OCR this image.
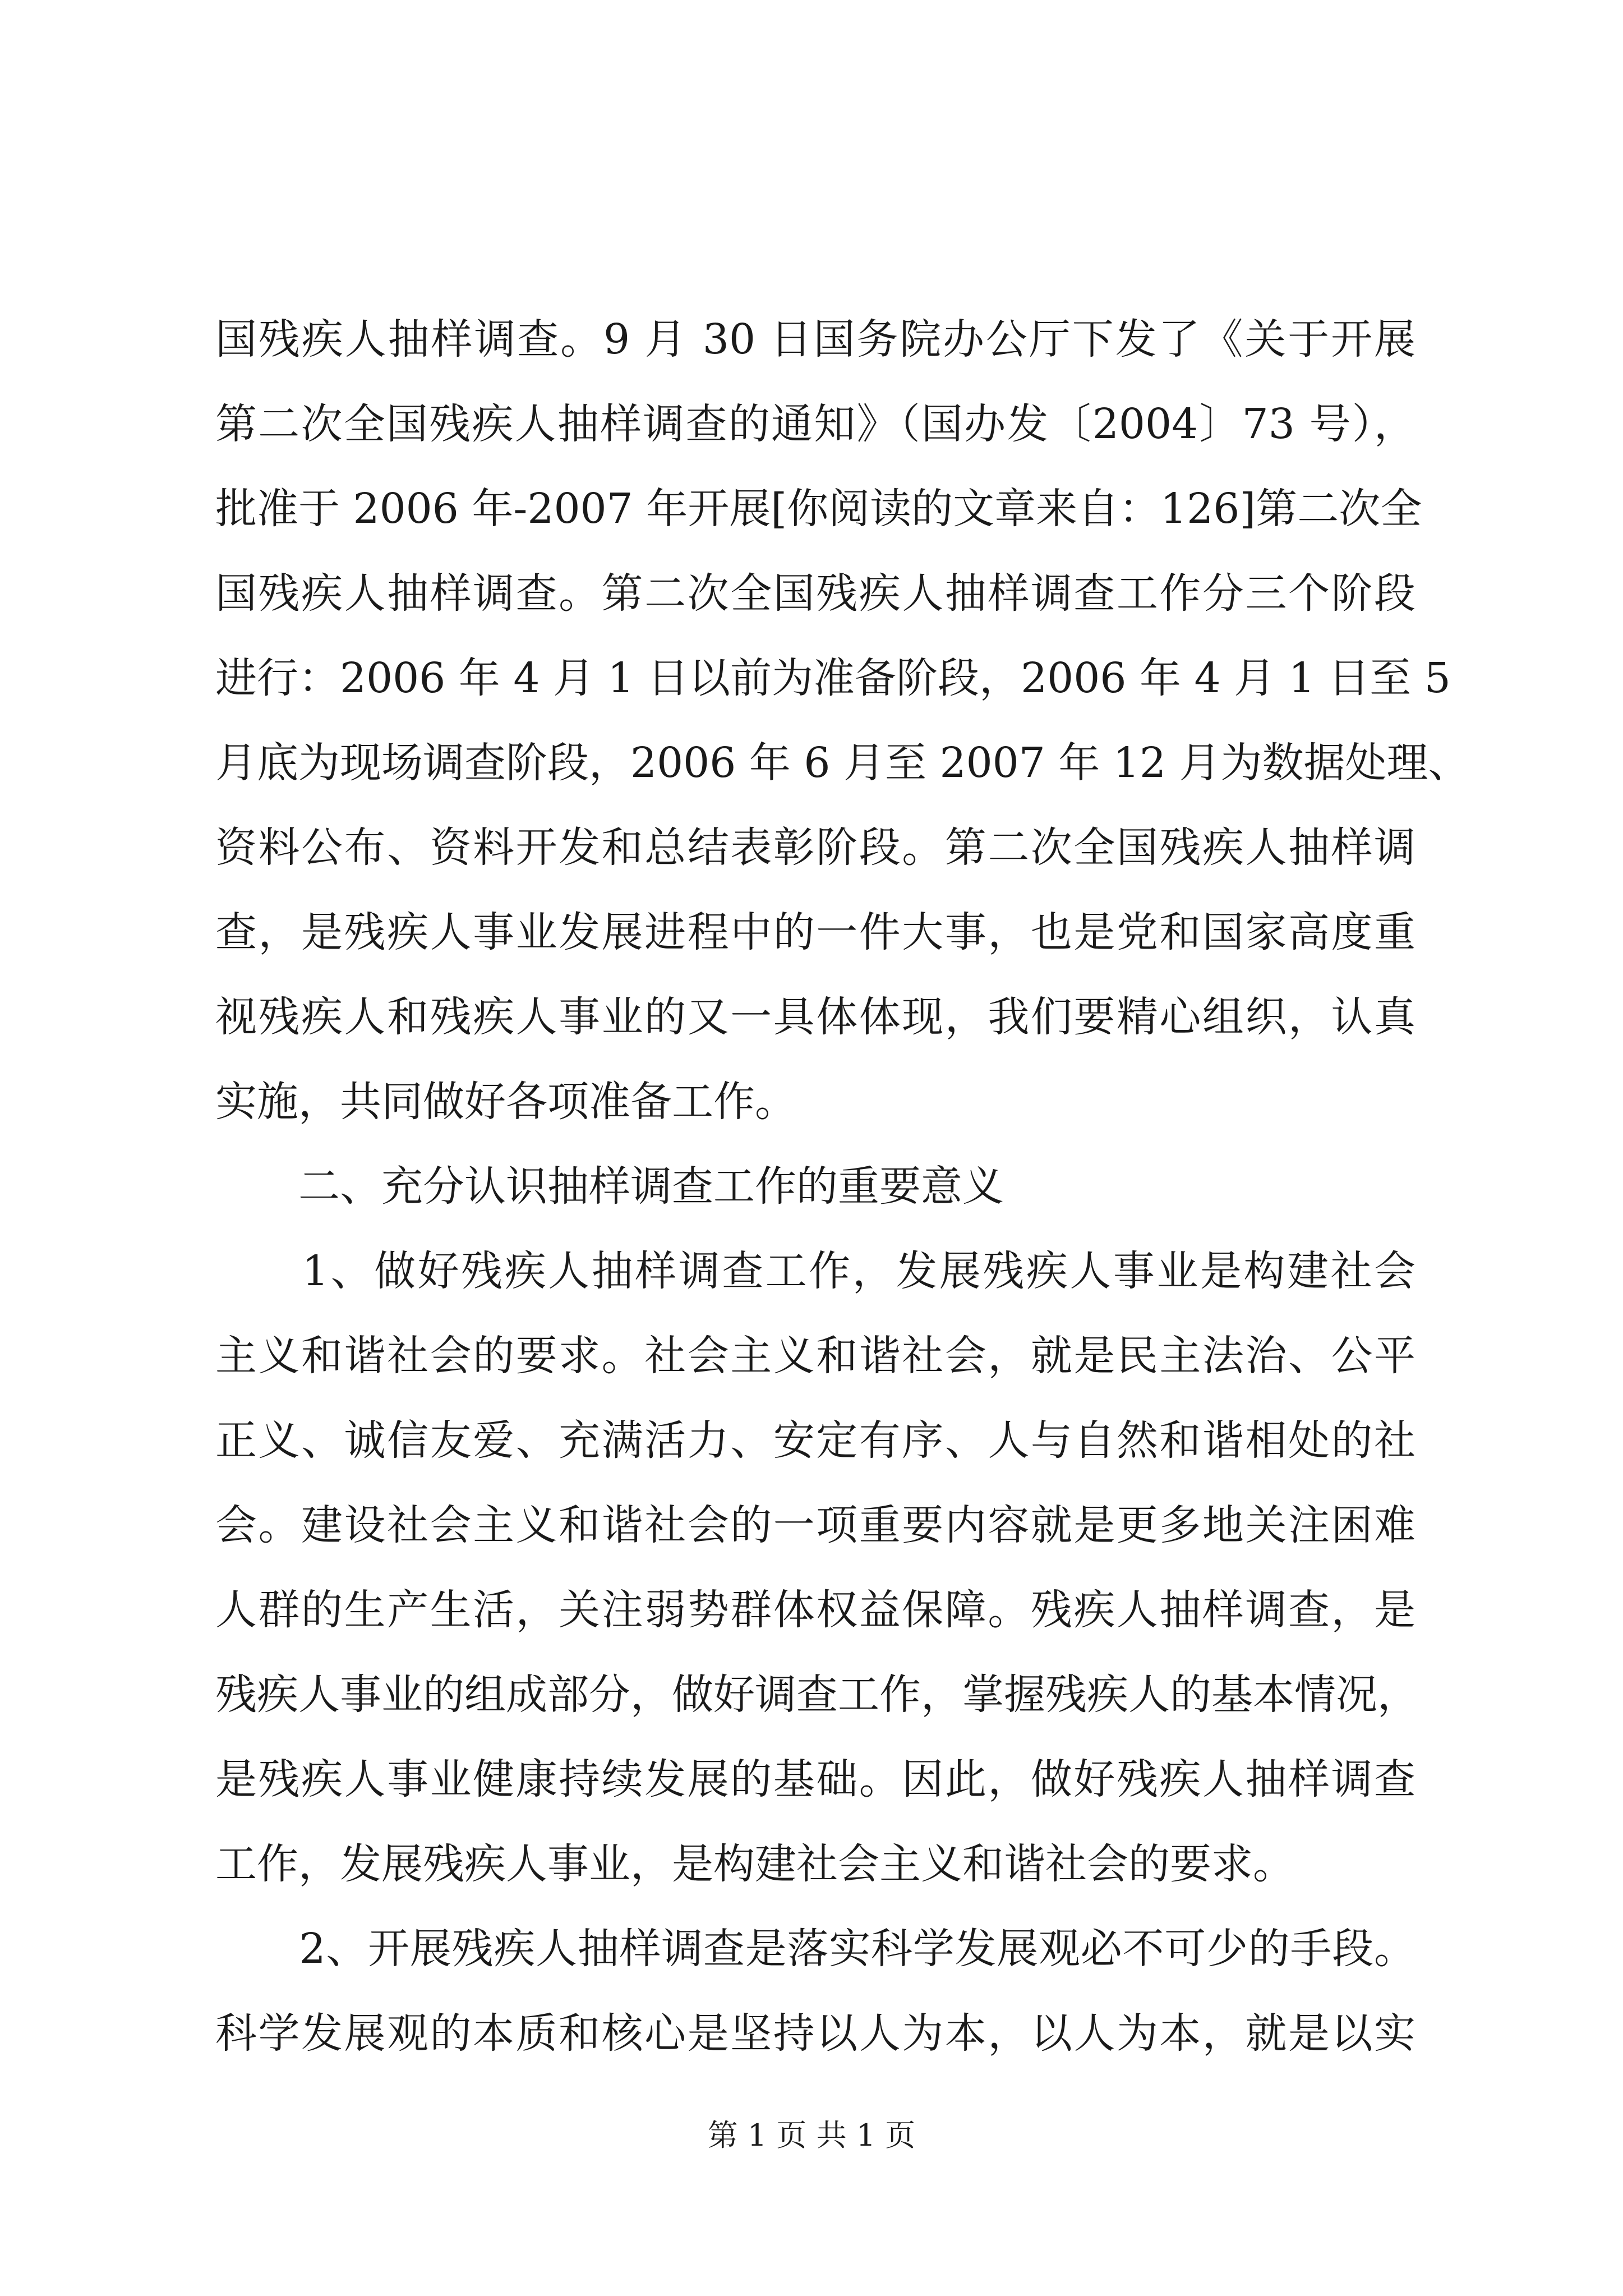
国残疾人抽样调查。9 月 30 日国务院办公厅下发了《关于开展
第二次全国残疾人抽样调查的通知》（国办发〔2004〕73 号），
批准于 2006 年-2007 年开展[你阅读的文章来自：126]第二次全
国残疾人抽样调查。第二次全国残疾人抽样调查工作分三个阶段
进行：2006 年 4 月 1 日以前为准备阶段，2006 年 4 月 1 日至 5
月底为现场调查阶段，2006 年 6 月至 2007 年 12 月为数据处理、
资料公布、资料开发和总结表彰阶段。第二次全国残疾人抽样调
查，是残疾人事业发展进程中的一件大事，也是党和国家高度重
视残疾人和残疾人事业的又一具体体现，我们要精心组织，认真
实施，共同做好各项准备工作。
　　二、充分认识抽样调查工作的重要意义
　　1、做好残疾人抽样调查工作，发展残疾人事业是构建社会
主义和谐社会的要求。社会主义和谐社会，就是民主法治、公平
正义、诚信友爱、充满活力、安定有序、人与自然和谐相处的社
会。建设社会主义和谐社会的一项重要内容就是更多地关注困难
人群的生产生活，关注弱势群体权益保障。残疾人抽样调查，是
残疾人事业的组成部分，做好调查工作，掌握残疾人的基本情况，
是残疾人事业健康持续发展的基础。因此，做好残疾人抽样调查
工作，发展残疾人事业，是构建社会主义和谐社会的要求。
　　2、开展残疾人抽样调查是落实科学发展观必不可少的手段。
科学发展观的本质和核心是坚持以人为本，以人为本，就是以实
第 1 页 共 1 页
